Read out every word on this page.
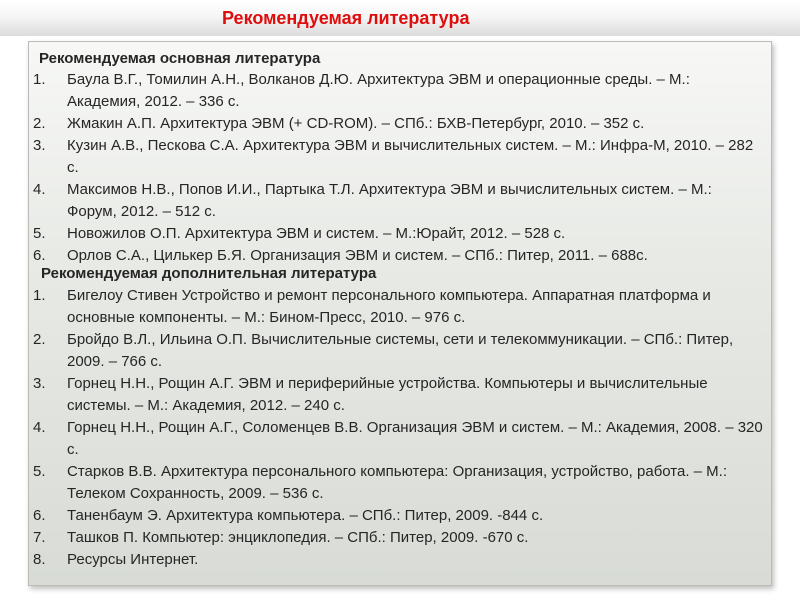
Рекомендуемая литература
Рекомендуемая основная литература
1. Баула В.Г., Томилин А.Н., Волканов Д.Ю. Архитектура ЭВМ и операционные среды. – М.: Академия, 2012. – 336 с.
2. Жмакин А.П. Архитектура ЭВМ (+ CD-ROM). – СПб.: БХВ-Петербург, 2010. – 352 с.
3. Кузин А.В., Пескова С.А. Архитектура ЭВМ и вычислительных систем. – М.: Инфра-М, 2010. – 282 с.
4. Максимов Н.В., Попов И.И., Партыка Т.Л. Архитектура ЭВМ и вычислительных систем. – М.: Форум, 2012. – 512 с.
5. Новожилов О.П. Архитектура ЭВМ и систем. – М.:Юрайт, 2012. – 528 с.
6. Орлов С.А., Цилькер Б.Я. Организация ЭВМ и систем. – СПб.: Питер, 2011. – 688с.
Рекомендуемая дополнительная литература
1. Бигелоу Стивен Устройство и ремонт персонального компьютера. Аппаратная платформа и основные компоненты. – М.: Бином-Пресс, 2010. – 976 с.
2. Бройдо В.Л., Ильина О.П. Вычислительные системы, сети и телекоммуникации. – СПб.: Питер, 2009. – 766 с.
3. Горнец Н.Н., Рощин А.Г. ЭВМ и периферийные устройства. Компьютеры и вычислительные системы. – М.: Академия, 2012. – 240 с.
4. Горнец Н.Н., Рощин А.Г., Соломенцев В.В. Организация ЭВМ и систем. – М.: Академия, 2008. – 320 с.
5. Старков В.В. Архитектура персонального компьютера: Организация, устройство, работа. – М.: Телеком Сохранность, 2009. – 536 с.
6. Таненбаум Э. Архитектура компьютера. – СПб.: Питер, 2009. -844 с.
7. Ташков П. Компьютер: энциклопедия. – СПб.: Питер, 2009. -670 с.
8. Ресурсы Интернет.
